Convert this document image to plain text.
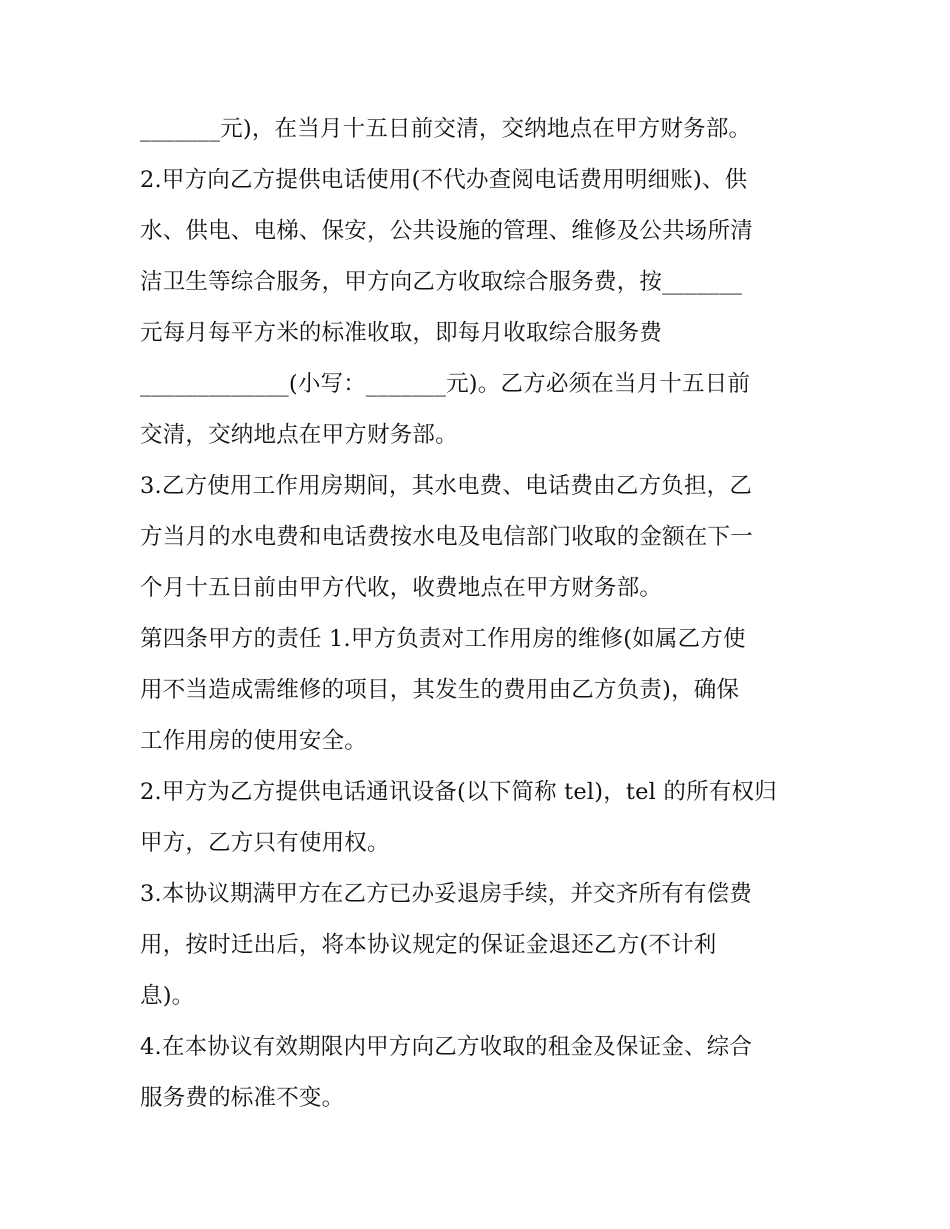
_______元)，在当月十五日前交清，交纳地点在甲方财务部。
2.甲方向乙方提供电话使用(不代办查阅电话费用明细账)、供
水、供电、电梯、保安，公共设施的管理、维修及公共场所清
洁卫生等综合服务，甲方向乙方收取综合服务费，按_______
元每月每平方米的标准收取，即每月收取综合服务费
_____________(小写：_______元)。乙方必须在当月十五日前
交清，交纳地点在甲方财务部。
3.乙方使用工作用房期间，其水电费、电话费由乙方负担，乙
方当月的水电费和电话费按水电及电信部门收取的金额在下一
个月十五日前由甲方代收，收费地点在甲方财务部。
第四条甲方的责任 1.甲方负责对工作用房的维修(如属乙方使
用不当造成需维修的项目，其发生的费用由乙方负责)，确保
工作用房的使用安全。
2.甲方为乙方提供电话通讯设备(以下简称 tel)，tel 的所有权归
甲方，乙方只有使用权。
3.本协议期满甲方在乙方已办妥退房手续，并交齐所有有偿费
用，按时迁出后，将本协议规定的保证金退还乙方(不计利
息)。
4.在本协议有效期限内甲方向乙方收取的租金及保证金、综合
服务费的标准不变。
